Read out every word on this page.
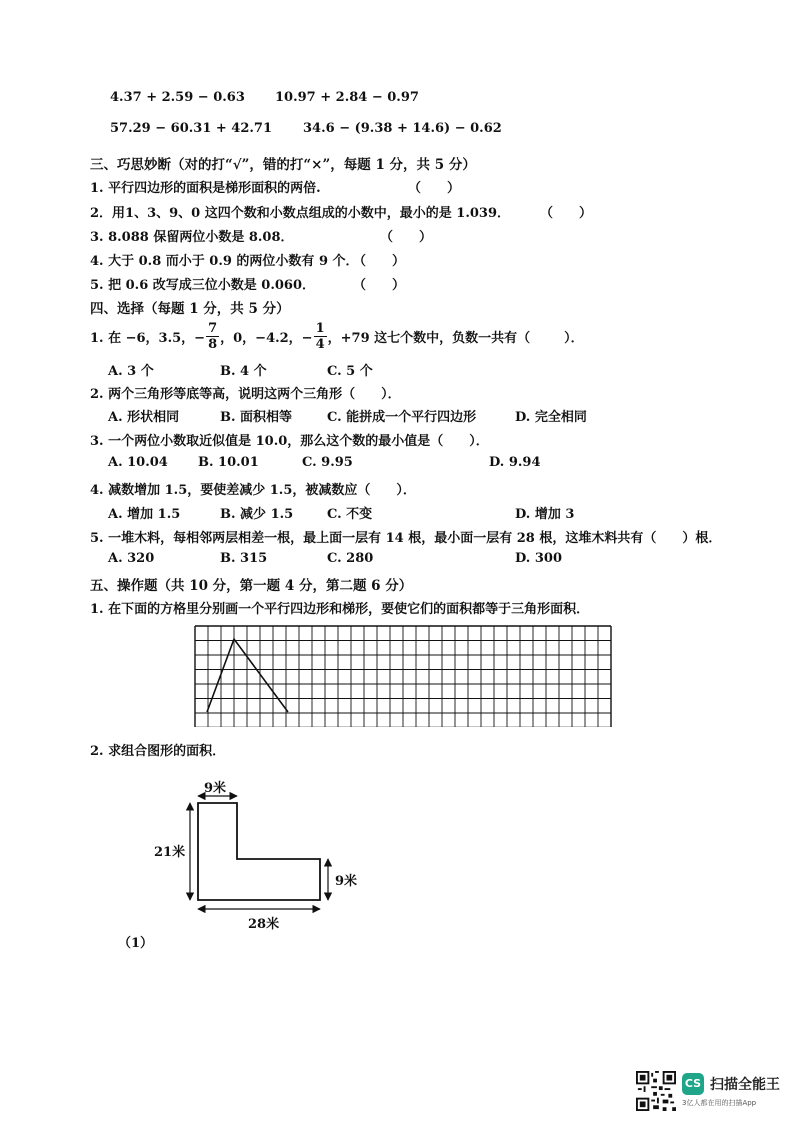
4.37 + 2.59 − 0.63 10.97 + 2.84 − 0.97
57.29 − 60.31 + 42.71 34.6 − (9.38 + 14.6) − 0.62
三、巧思妙断（对的打“√”，错的打“×”，每题 1 分，共 5 分）
1. 平行四边形的面积是梯形面积的两倍.	（　　）
2．用1、3、9、0 这四个数和小数点组成的小数中，最小的是 1.039． （　　）
3. 8.088 保留两位小数是 8.08．	（　　）
4. 大于 0.8 而小于 0.9 的两位小数有 9 个．
（　　）
5. 把 0.6 改写成三位小数是 0.060．	（　　）
四、选择（每题 1 分，共 5 分）
1. 在 −6，3.5，− $\frac{7}{8}$ ，0，−4.2，− $\frac{1}{4}$ ，+79 这七个数中，负数一共有（	）．
A. 3 个	B. 4 个	C. 5 个
2. 两个三角形等底等高，说明这两个三角形（　　）．
A. 形状相同	B. 面积相等	C. 能拼成一个平行四边形	D. 完全相同
3. 一个两位小数取近似值是 10.0，那么这个数的最小值是（　　）．
A. 10.04 B. 10.01	C. 9.95	D. 9.94
4. 减数增加 1.5，要使差减少 1.5，被减数应（　　）．
A. 增加 1.5	B. 减少 1.5	C. 不变	D. 增加 3
5. 一堆木料，每相邻两层相差一根，最上面一层有 14 根，最小面一层有 28 根，这堆木料共有（　　）根．
A. 320	B. 315	C. 280	D. 300
五、操作题（共 10 分，第一题 4 分，第二题 6 分）
1. 在下面的方格里分别画一个平行四边形和梯形，要使它们的面积都等于三角形面积．
2. 求组合图形的面积．
9米
21米
9米
28米
（1）
CS 扫描全能王
3亿人都在用的扫描App
